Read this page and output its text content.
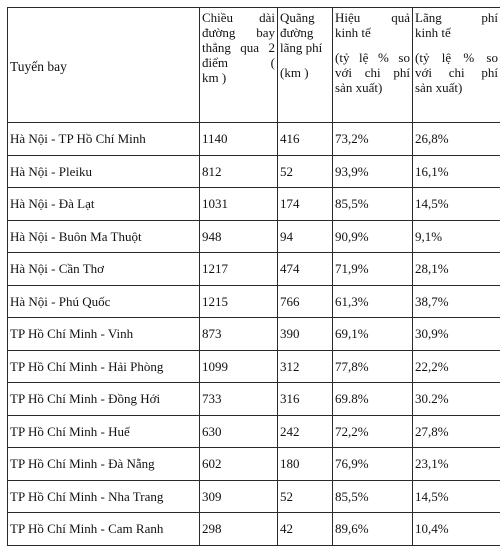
Tuyến bay	Chiều dài
đường bay
thẳng qua 2
điểm (
km )	Quãng
đường
lãng phí
(km )	Hiệu quả
kinh tế
(tỷ lệ % so
với chi phí
sản xuất)	Lãng phí
kinh tế
(tỷ lệ % so
với chi phí
sản xuất)

Hà Nội - TP Hồ Chí Minh	1140	416	73,2%	26,8%
Hà Nội - Pleiku	812	52	93,9%	16,1%
Hà Nội - Đà Lạt	1031	174	85,5%	14,5%
Hà Nội - Buôn Ma Thuột	948	94	90,9%	9,1%
Hà Nội - Cần Thơ	1217	474	71,9%	28,1%
Hà Nội - Phú Quốc	1215	766	61,3%	38,7%
TP Hồ Chí Minh - Vinh	873	390	69,1%	30,9%
TP Hồ Chí Minh - Hải Phòng	1099	312	77,8%	22,2%
TP Hồ Chí Minh - Đồng Hới	733	316	69.8%	30.2%
TP Hồ Chí Minh - Huế	630	242	72,2%	27,8%
TP Hồ Chí Minh - Đà Nẵng	602	180	76,9%	23,1%
TP Hồ Chí Minh - Nha Trang	309	52	85,5%	14,5%
TP Hồ Chí Minh - Cam Ranh	298	42	89,6%	10,4%
